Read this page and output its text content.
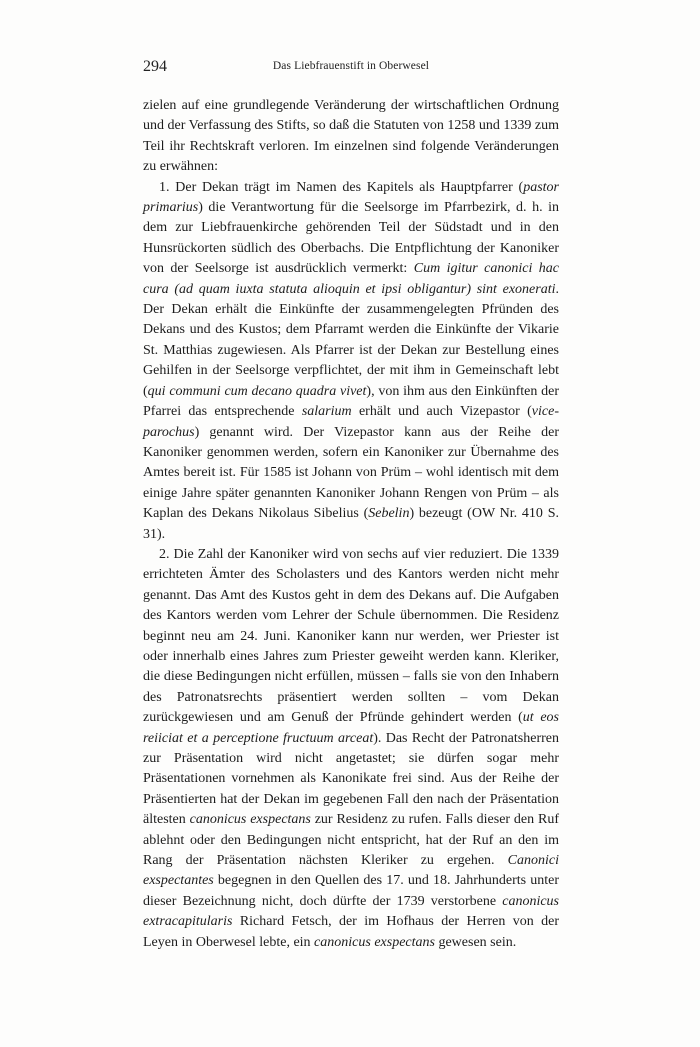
294	Das Liebfrauenstift in Oberwesel

zielen auf eine grundlegende Veränderung der wirtschaftlichen Ordnung und der Verfassung des Stifts, so daß die Statuten von 1258 und 1339 zum Teil ihr Rechtskraft verloren. Im einzelnen sind folgende Veränderungen zu erwähnen:

1. Der Dekan trägt im Namen des Kapitels als Hauptpfarrer (pastor primarius) die Verantwortung für die Seelsorge im Pfarrbezirk, d. h. in dem zur Liebfrauenkirche gehörenden Teil der Südstadt und in den Hunsrückorten südlich des Oberbachs. Die Entpflichtung der Kanoniker von der Seelsorge ist ausdrücklich vermerkt: Cum igitur canonici hac cura (ad quam iuxta statuta alioquin et ipsi obligantur) sint exonerati. Der Dekan erhält die Einkünfte der zusammengelegten Pfründen des Dekans und des Kustos; dem Pfarramt werden die Einkünfte der Vikarie St. Matthias zugewiesen. Als Pfarrer ist der Dekan zur Bestellung eines Gehilfen in der Seelsorge verpflichtet, der mit ihm in Gemeinschaft lebt (qui communi cum decano quadra vivet), von ihm aus den Einkünften der Pfarrei das entsprechende salarium erhält und auch Vizepastor (vice-parochus) genannt wird. Der Vizepastor kann aus der Reihe der Kanoniker genommen werden, sofern ein Kanoniker zur Übernahme des Amtes bereit ist. Für 1585 ist Johann von Prüm – wohl identisch mit dem einige Jahre später genannten Kanoniker Johann Rengen von Prüm – als Kaplan des Dekans Nikolaus Sibelius (Sebelin) bezeugt (OW Nr. 410 S. 31).

2. Die Zahl der Kanoniker wird von sechs auf vier reduziert. Die 1339 errichteten Ämter des Scholasters und des Kantors werden nicht mehr genannt. Das Amt des Kustos geht in dem des Dekans auf. Die Aufgaben des Kantors werden vom Lehrer der Schule übernommen. Die Residenz beginnt neu am 24. Juni. Kanoniker kann nur werden, wer Priester ist oder innerhalb eines Jahres zum Priester geweiht werden kann. Kleriker, die diese Bedingungen nicht erfüllen, müssen – falls sie von den Inhabern des Patronatsrechts präsentiert werden sollten – vom Dekan zurückgewiesen und am Genuß der Pfründe gehindert werden (ut eos reiiciat et a perceptione fructuum arceat). Das Recht der Patronatsherren zur Präsentation wird nicht angetastet; sie dürfen sogar mehr Präsentationen vornehmen als Kanonikate frei sind. Aus der Reihe der Präsentierten hat der Dekan im gegebenen Fall den nach der Präsentation ältesten canonicus exspectans zur Residenz zu rufen. Falls dieser den Ruf ablehnt oder den Bedingungen nicht entspricht, hat der Ruf an den im Rang der Präsentation nächsten Kleriker zu ergehen. Canonici exspectantes begegnen in den Quellen des 17. und 18. Jahrhunderts unter dieser Bezeichnung nicht, doch dürfte der 1739 verstorbene canonicus extracapitularis Richard Fetsch, der im Hofhaus der Herren von der Leyen in Oberwesel lebte, ein canonicus exspectans gewesen sein.
